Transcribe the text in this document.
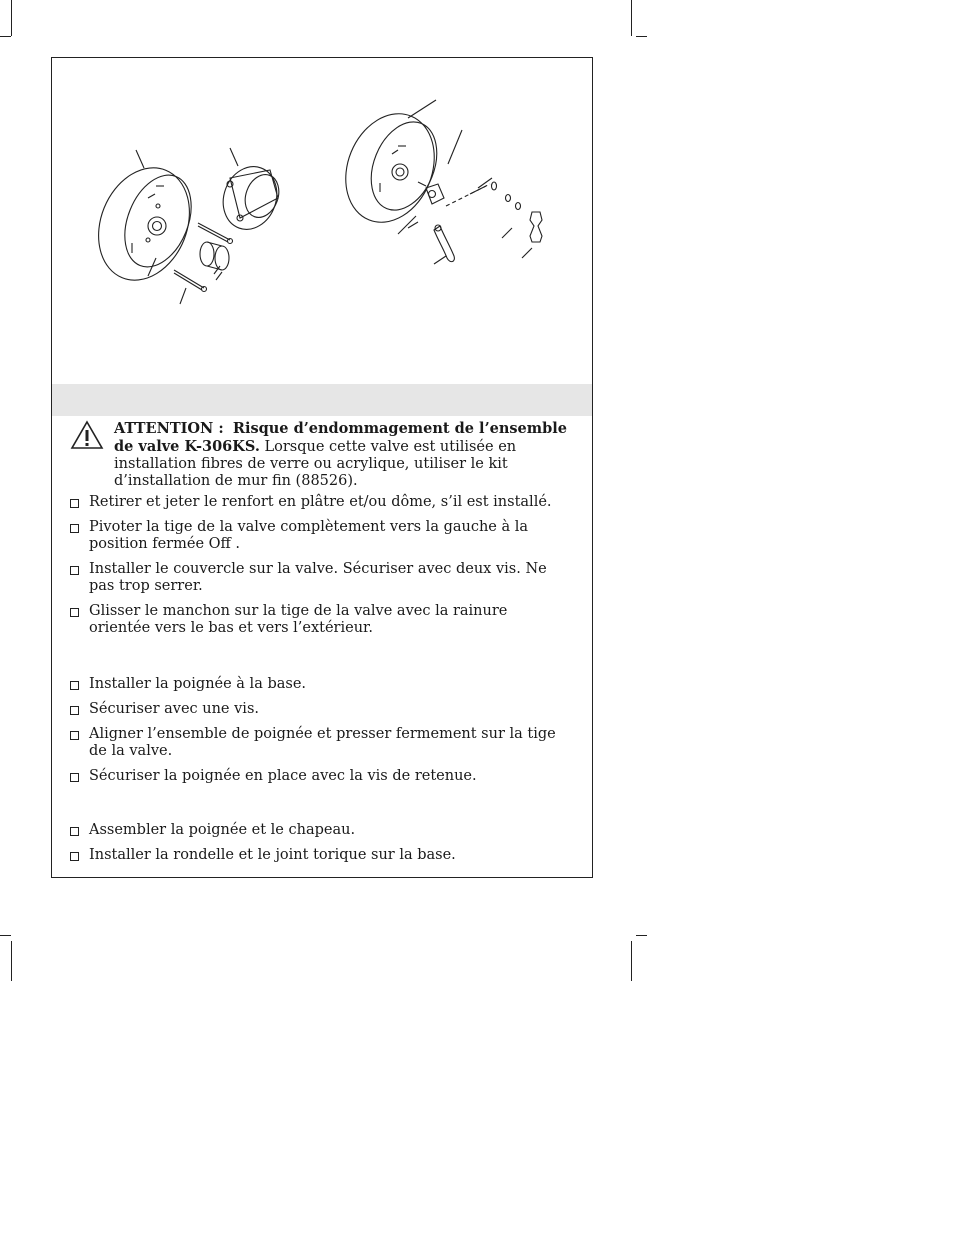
ATTENTION : Risque d’endommagement de l’ensemble de valve K-306KS. Lorsque cette valve est utilisée en installation fibres de verre ou acrylique, utiliser le kit d’installation de mur fin (88526).
Retirer et jeter le renfort en plâtre et/ou dôme, s’il est installé.
Pivoter la tige de la valve complètement vers la gauche à la position fermée Off .
Installer le couvercle sur la valve. Sécuriser avec deux vis. Ne pas trop serrer.
Glisser le manchon sur la tige de la valve avec la rainure orientée vers le bas et vers l’extérieur.
Installer la poignée à la base.
Sécuriser avec une vis.
Aligner l’ensemble de poignée et presser fermement sur la tige de la valve.
Sécuriser la poignée en place avec la vis de retenue.
Assembler la poignée et le chapeau.
Installer la rondelle et le joint torique sur la base.
